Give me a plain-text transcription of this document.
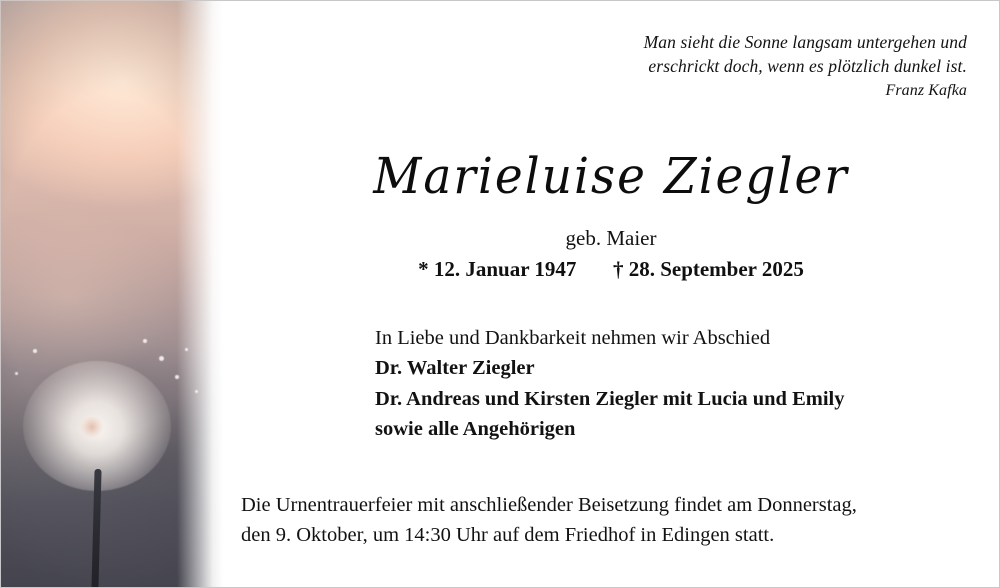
Man sieht die Sonne langsam untergehen und
erschrickt doch, wenn es plötzlich dunkel ist.
Franz Kafka
Marieluise Ziegler
geb. Maier
* 12. Januar 1947 † 28. September 2025
In Liebe und Dankbarkeit nehmen wir Abschied
Dr. Walter Ziegler
Dr. Andreas und Kirsten Ziegler mit Lucia und Emily
sowie alle Angehörigen
Die Urnentrauerfeier mit anschließender Beisetzung findet am Donnerstag,
den 9. Oktober, um 14:30 Uhr auf dem Friedhof in Edingen statt.
